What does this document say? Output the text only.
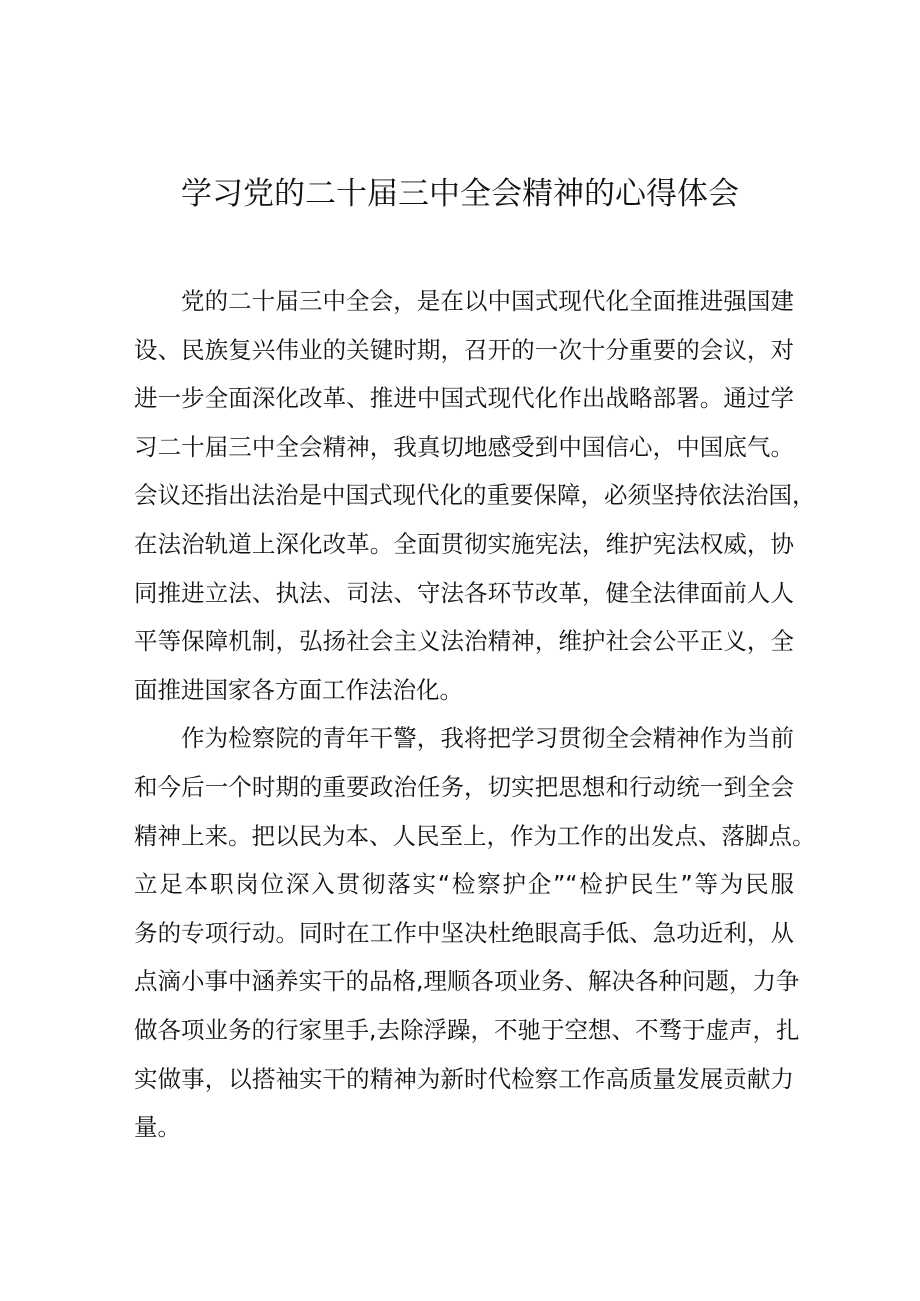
学习党的二十届三中全会精神的心得体会
党的二十届三中全会，是在以中国式现代化全面推进强国建
设、民族复兴伟业的关键时期，召开的一次十分重要的会议，对
进一步全面深化改革、推进中国式现代化作出战略部署。通过学
习二十届三中全会精神，我真切地感受到中国信心，中国底气。
会议还指出法治是中国式现代化的重要保障，必须坚持依法治国，
在法治轨道上深化改革。全面贯彻实施宪法，维护宪法权威，协
同推进立法、执法、司法、守法各环节改革，健全法律面前人人
平等保障机制，弘扬社会主义法治精神，维护社会公平正义，全
面推进国家各方面工作法治化。
作为检察院的青年干警，我将把学习贯彻全会精神作为当前
和今后一个时期的重要政治任务，切实把思想和行动统一到全会
精神上来。把以民为本、人民至上，作为工作的出发点、落脚点。
立足本职岗位深入贯彻落实“检察护企”“检护民生”等为民服
务的专项行动。同时在工作中坚决杜绝眼高手低、急功近利，从
点滴小事中涵养实干的品格,理顺各项业务、解决各种问题，力争
做各项业务的行家里手,去除浮躁，不驰于空想、不骛于虚声，扎
实做事，以搭袖实干的精神为新时代检察工作高质量发展贡献力
量。
